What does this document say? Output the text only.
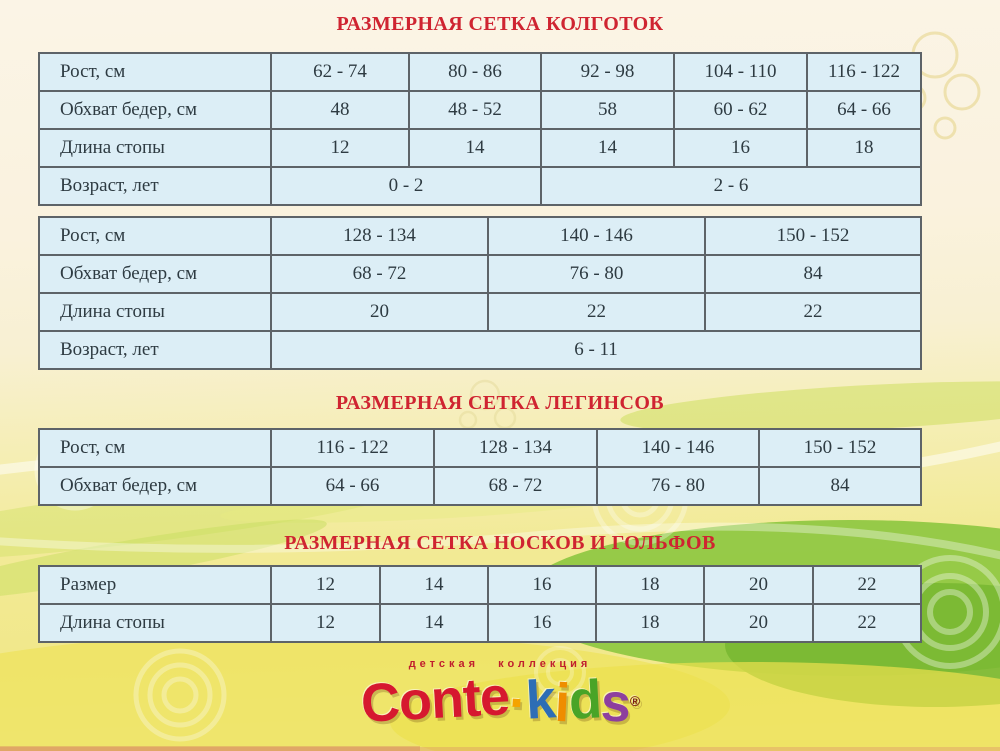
РАЗМЕРНАЯ СЕТКА КОЛГОТОК
Рост, см	62 - 74	80 - 86	92 - 98	104 - 110	116 - 122
Обхват бедер, см	48	48 - 52	58	60 - 62	64 - 66
Длина стопы	12	14	14	16	18
Возраст, лет	0 - 2		2 - 6		
Рост, см	128 - 134	140 - 146	150 - 152
Обхват бедер, см	68 - 72	76 - 80	84
Длина стопы	20	22	22
Возраст, лет	6 - 11		
РАЗМЕРНАЯ СЕТКА ЛЕГИНСОВ
Рост, см	116 - 122	128 - 134	140 - 146	150 - 152
Обхват бедер, см	64 - 66	68 - 72	76 - 80	84
РАЗМЕРНАЯ СЕТКА НОСКОВ И ГОЛЬФОВ
Размер	12	14	16	18	20	22
Длина стопы	12	14	16	18	20	22
детская коллекция
Conte·kids®
